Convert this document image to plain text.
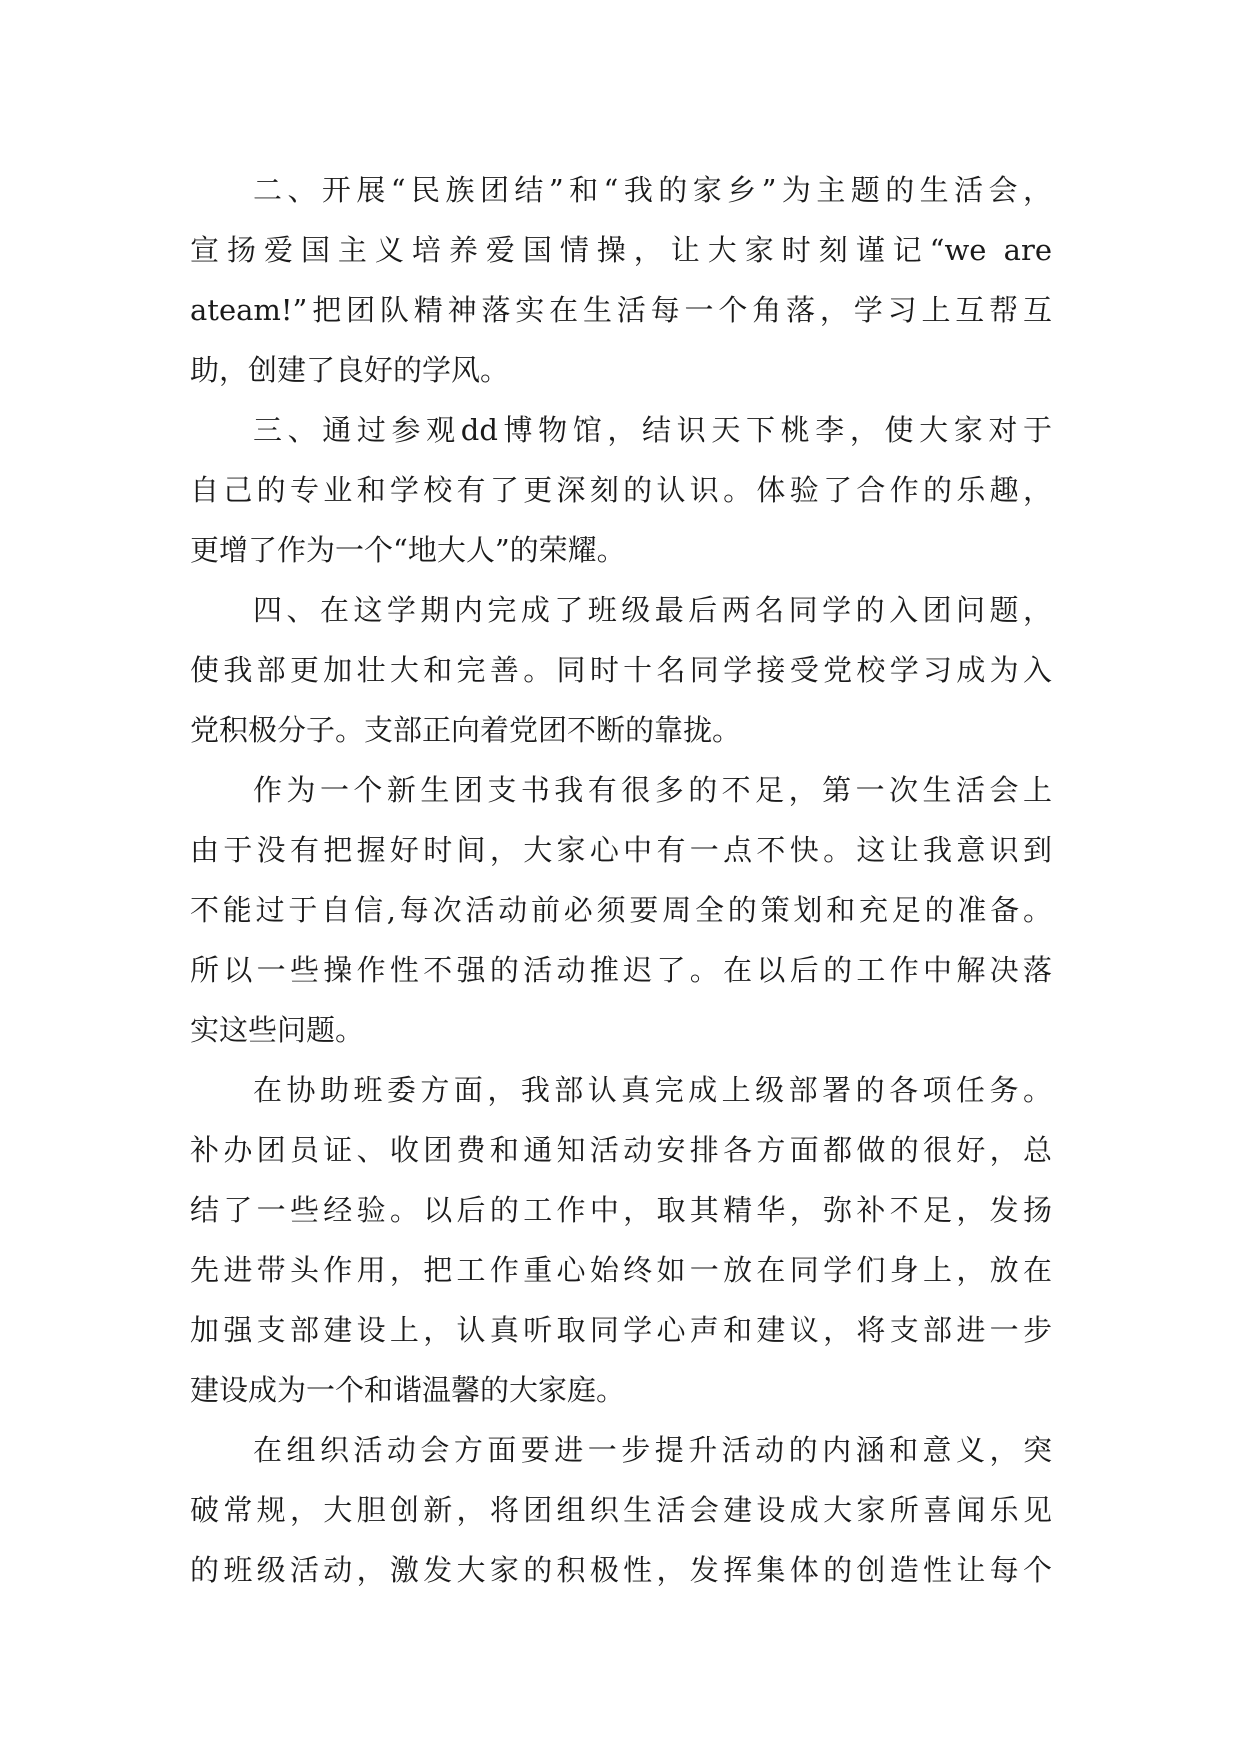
二、开展“民族团结”和“我的家乡”为主题的生活会，
宣扬爱国主义培养爱国情操，让大家时刻谨记“we are
ateam!”把团队精神落实在生活每一个角落，学习上互帮互
助，创建了良好的学风。
三、通过参观dd博物馆，结识天下桃李，使大家对于
自己的专业和学校有了更深刻的认识。体验了合作的乐趣，
更增了作为一个“地大人”的荣耀。
四、在这学期内完成了班级最后两名同学的入团问题，
使我部更加壮大和完善。同时十名同学接受党校学习成为入
党积极分子。支部正向着党团不断的靠拢。
作为一个新生团支书我有很多的不足，第一次生活会上
由于没有把握好时间，大家心中有一点不快。这让我意识到
不能过于自信,每次活动前必须要周全的策划和充足的准备。
所以一些操作性不强的活动推迟了。在以后的工作中解决落
实这些问题。
在协助班委方面，我部认真完成上级部署的各项任务。
补办团员证、收团费和通知活动安排各方面都做的很好，总
结了一些经验。以后的工作中，取其精华，弥补不足，发扬
先进带头作用，把工作重心始终如一放在同学们身上，放在
加强支部建设上，认真听取同学心声和建议，将支部进一步
建设成为一个和谐温馨的大家庭。
在组织活动会方面要进一步提升活动的内涵和意义，突
破常规，大胆创新，将团组织生活会建设成大家所喜闻乐见
的班级活动，激发大家的积极性，发挥集体的创造性让每个
